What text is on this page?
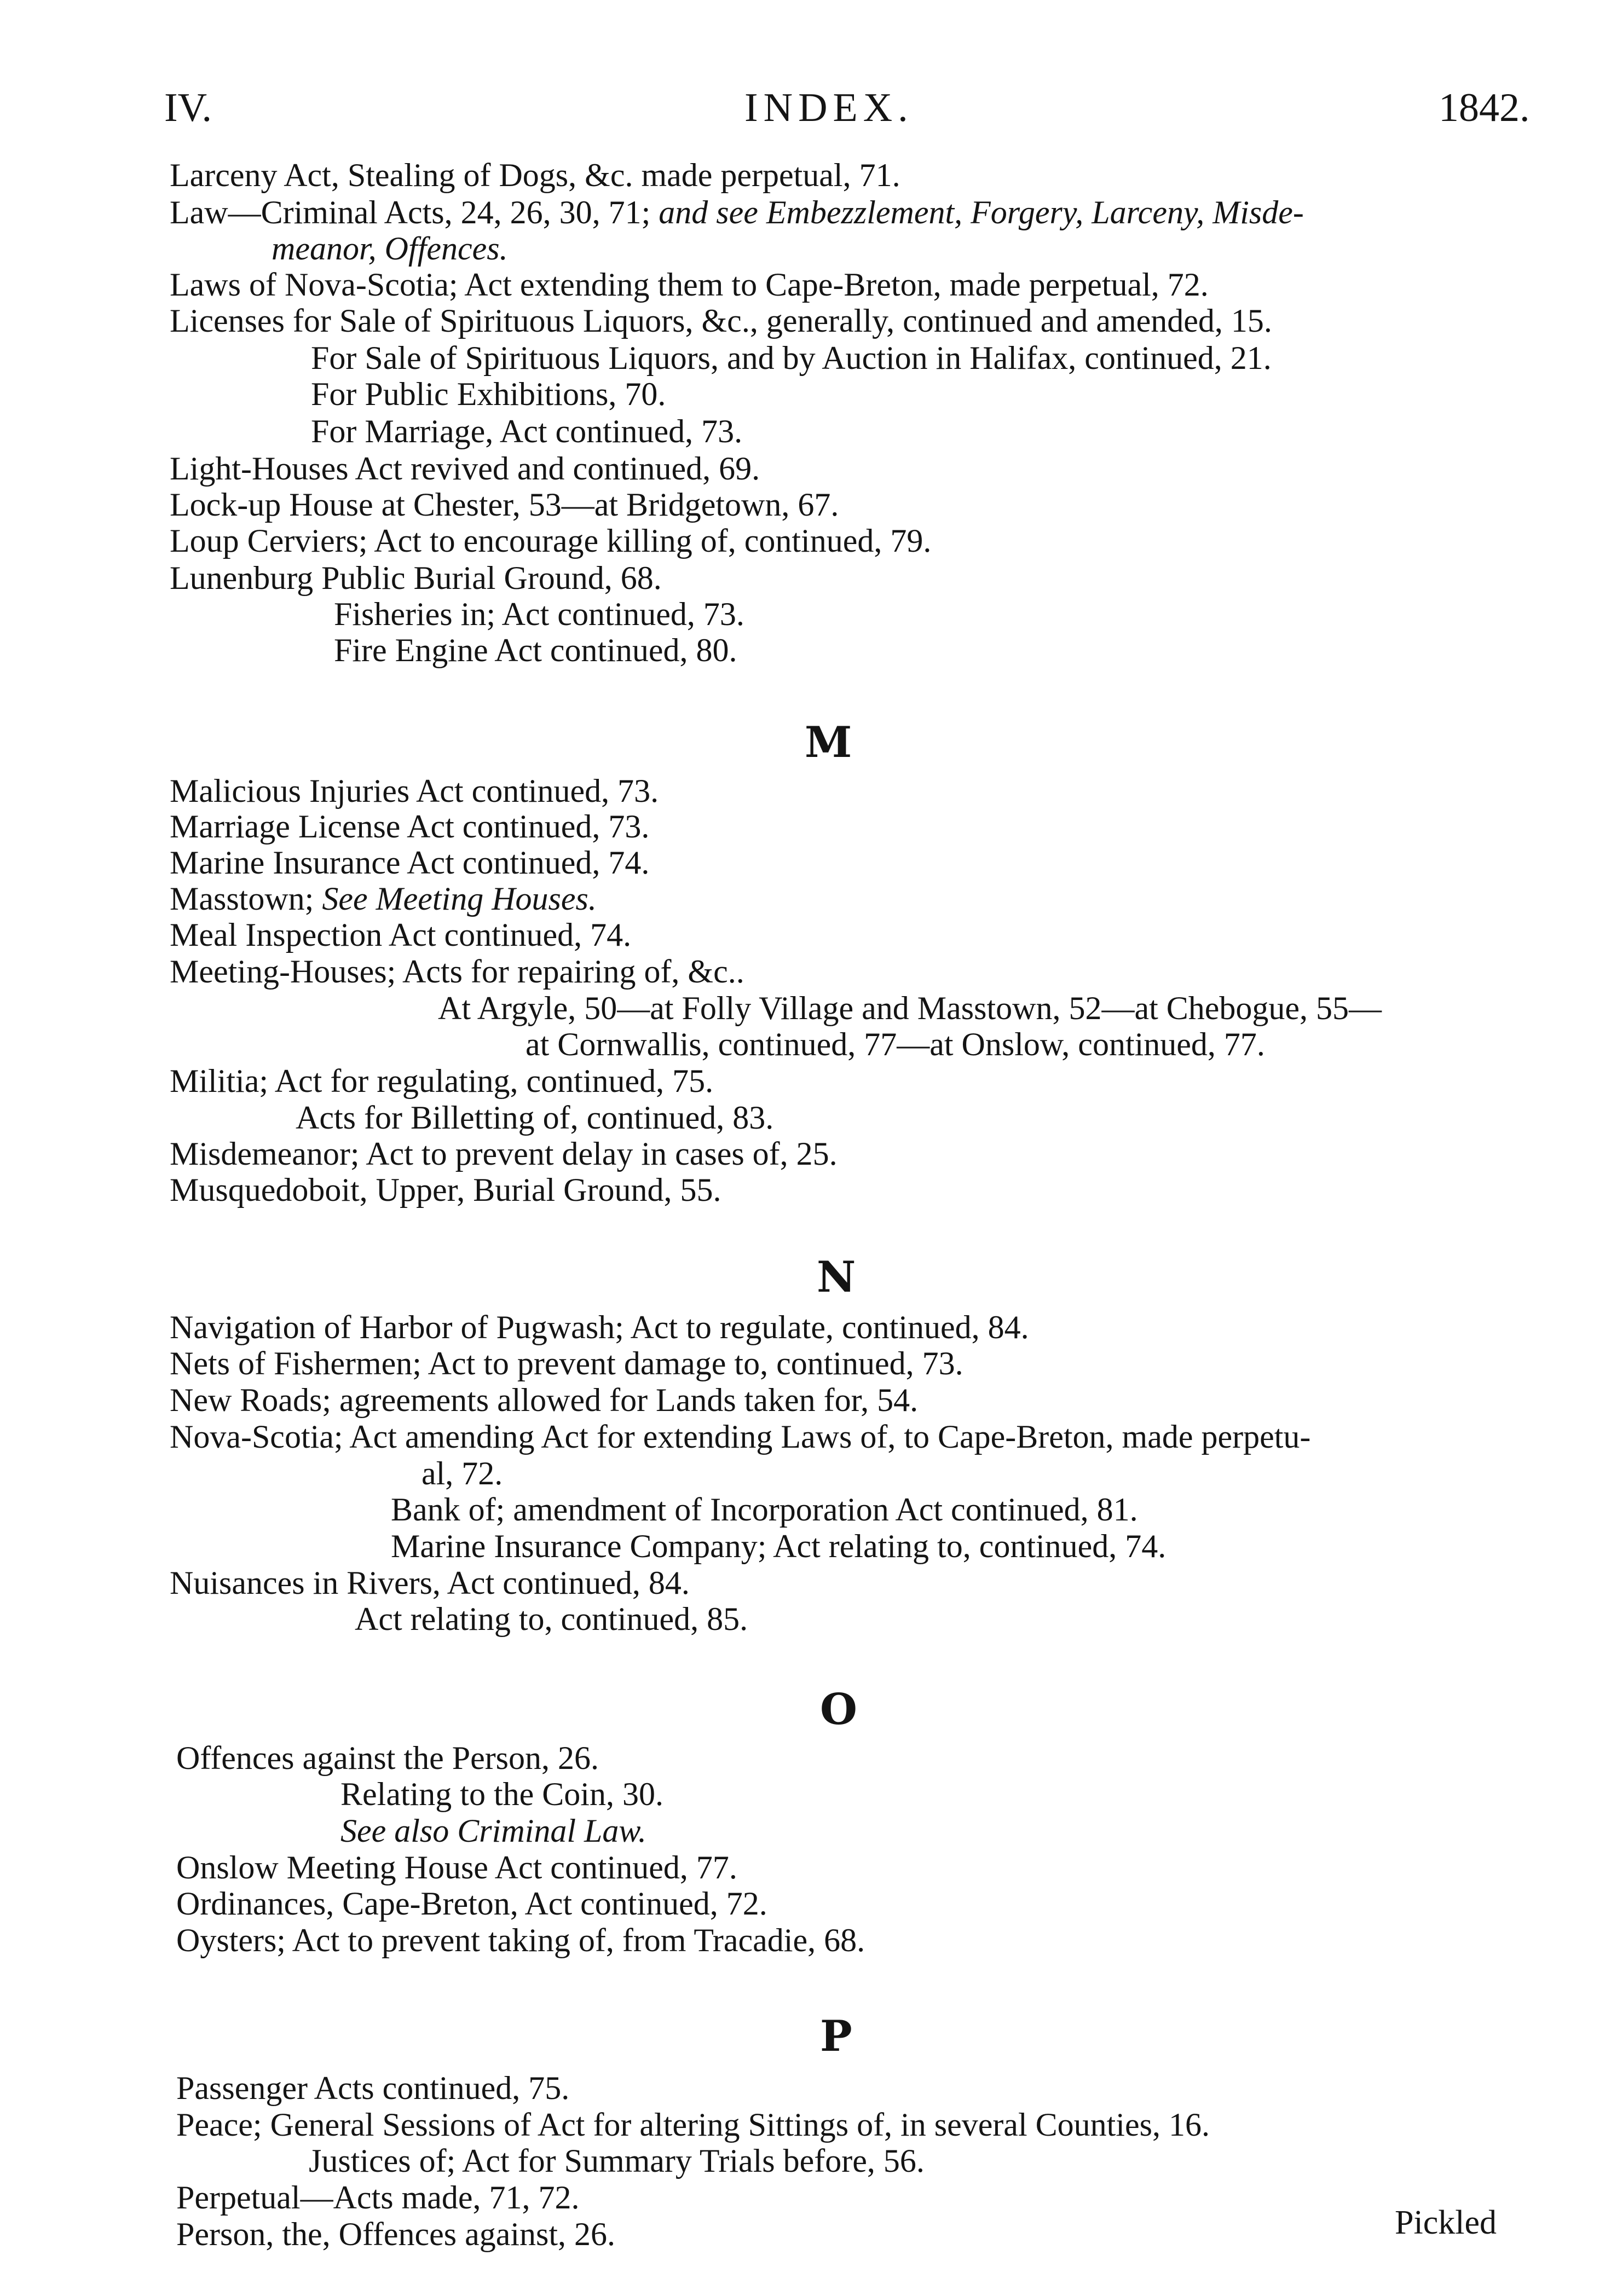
IV.	INDEX.	1842.
Larceny Act, Stealing of Dogs, &c. made perpetual, 71.
Law—Criminal Acts, 24, 26, 30, 71; and see Embezzlement, Forgery, Larceny, Misde-
meanor, Offences.
Laws of Nova-Scotia; Act extending them to Cape-Breton, made perpetual, 72.
Licenses for Sale of Spirituous Liquors, &c., generally, continued and amended, 15.
For Sale of Spirituous Liquors, and by Auction in Halifax, continued, 21.
For Public Exhibitions, 70.
For Marriage, Act continued, 73.
Light-Houses Act revived and continued, 69.
Lock-up House at Chester, 53—at Bridgetown, 67.
Loup Cerviers; Act to encourage killing of, continued, 79.
Lunenburg Public Burial Ground, 68.
Fisheries in; Act continued, 73.
Fire Engine Act continued, 80.
M
Malicious Injuries Act continued, 73.
Marriage License Act continued, 73.
Marine Insurance Act continued, 74.
Masstown; See Meeting Houses.
Meal Inspection Act continued, 74.
Meeting-Houses; Acts for repairing of, &c..
At Argyle, 50—at Folly Village and Masstown, 52—at Chebogue, 55—
at Cornwallis, continued, 77—at Onslow, continued, 77.
Militia; Act for regulating, continued, 75.
Acts for Billetting of, continued, 83.
Misdemeanor; Act to prevent delay in cases of, 25.
Musquedoboit, Upper, Burial Ground, 55.
N
Navigation of Harbor of Pugwash; Act to regulate, continued, 84.
Nets of Fishermen; Act to prevent damage to, continued, 73.
New Roads; agreements allowed for Lands taken for, 54.
Nova-Scotia; Act amending Act for extending Laws of, to Cape-Breton, made perpetu-
al, 72.
Bank of; amendment of Incorporation Act continued, 81.
Marine Insurance Company; Act relating to, continued, 74.
Nuisances in Rivers, Act continued, 84.
Act relating to, continued, 85.
O
Offences against the Person, 26.
Relating to the Coin, 30.
See also Criminal Law.
Onslow Meeting House Act continued, 77.
Ordinances, Cape-Breton, Act continued, 72.
Oysters; Act to prevent taking of, from Tracadie, 68.
P
Passenger Acts continued, 75.
Peace; General Sessions of Act for altering Sittings of, in several Counties, 16.
Justices of; Act for Summary Trials before, 56.
Perpetual—Acts made, 71, 72.
Person, the, Offences against, 26.	Pickled
